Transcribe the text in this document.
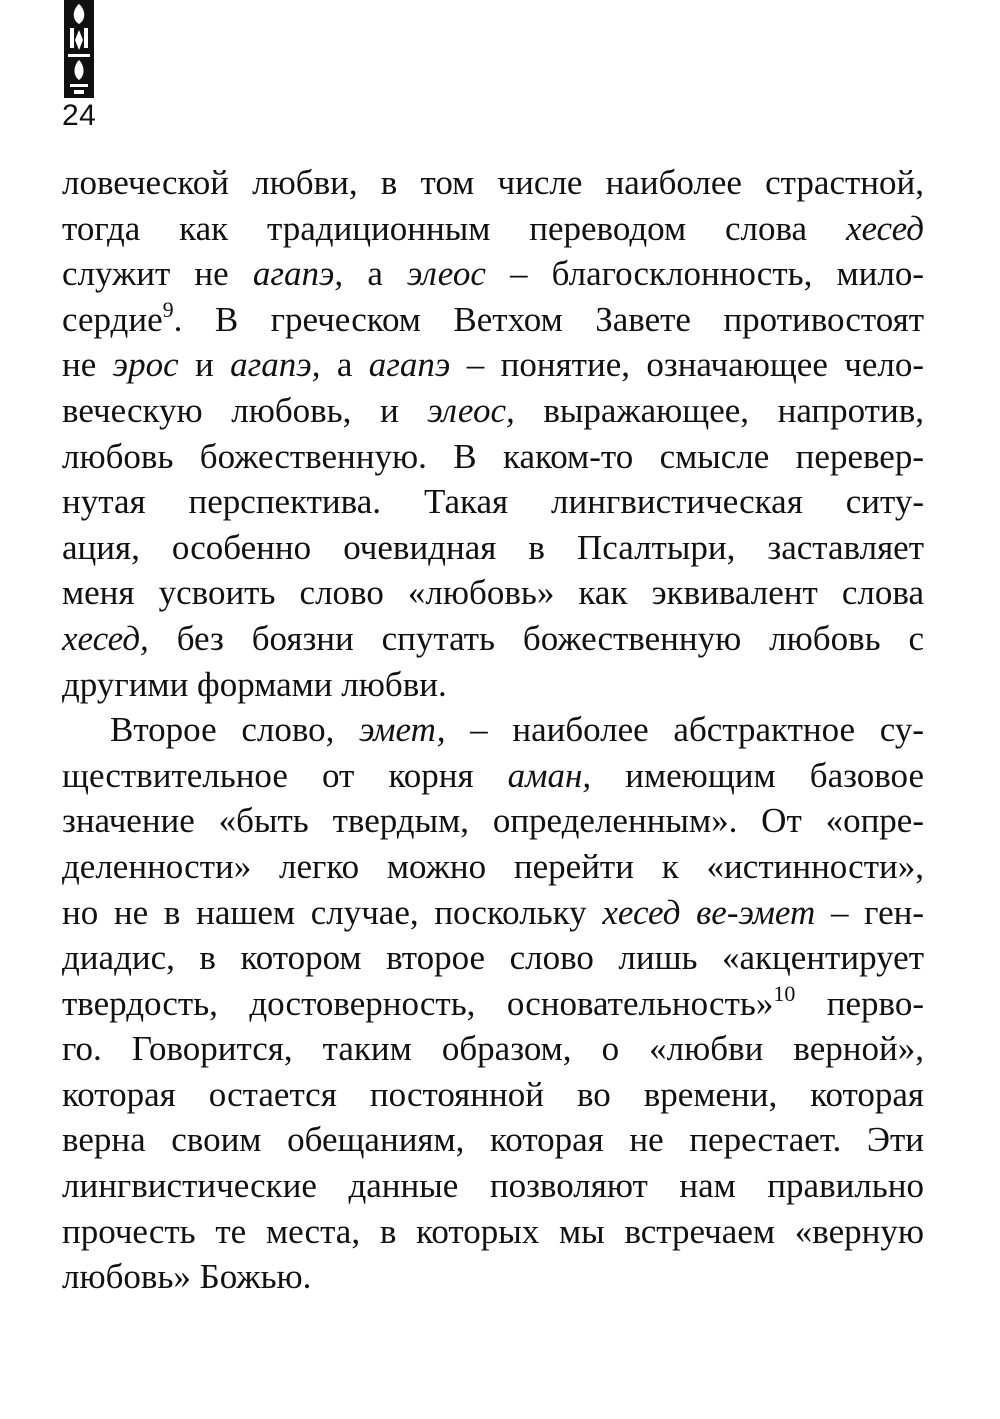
24
ловеческой любви, в том числе наиболее страстной,
тогда как традиционным переводом слова хесед
служит не агапэ, а элеос – благосклонность, мило-
сердие$^9$. В греческом Ветхом Завете противостоят
не эрос и агапэ, а агапэ – понятие, означающее чело-
веческую любовь, и элеос, выражающее, напротив,
любовь божественную. В каком-то смысле перевер-
нутая перспектива. Такая лингвистическая ситу-
ация, особенно очевидная в Псалтыри, заставляет
меня усвоить слово «любовь» как эквивалент слова
хесед, без боязни спутать божественную любовь с
другими формами любви.
Второе слово, эмет, – наиболее абстрактное су-
ществительное от корня аман, имеющим базовое
значение «быть твердым, определенным». От «опре-
деленности» легко можно перейти к «истинности»,
но не в нашем случае, поскольку хесед ве-эмет – ген-
диадис, в котором второе слово лишь «акцентирует
твердость, достоверность, основательность»$^{10}$ перво-
го. Говорится, таким образом, о «любви верной»,
которая остается постоянной во времени, которая
верна своим обещаниям, которая не перестает. Эти
лингвистические данные позволяют нам правильно
прочесть те места, в которых мы встречаем «верную
любовь» Божью.
